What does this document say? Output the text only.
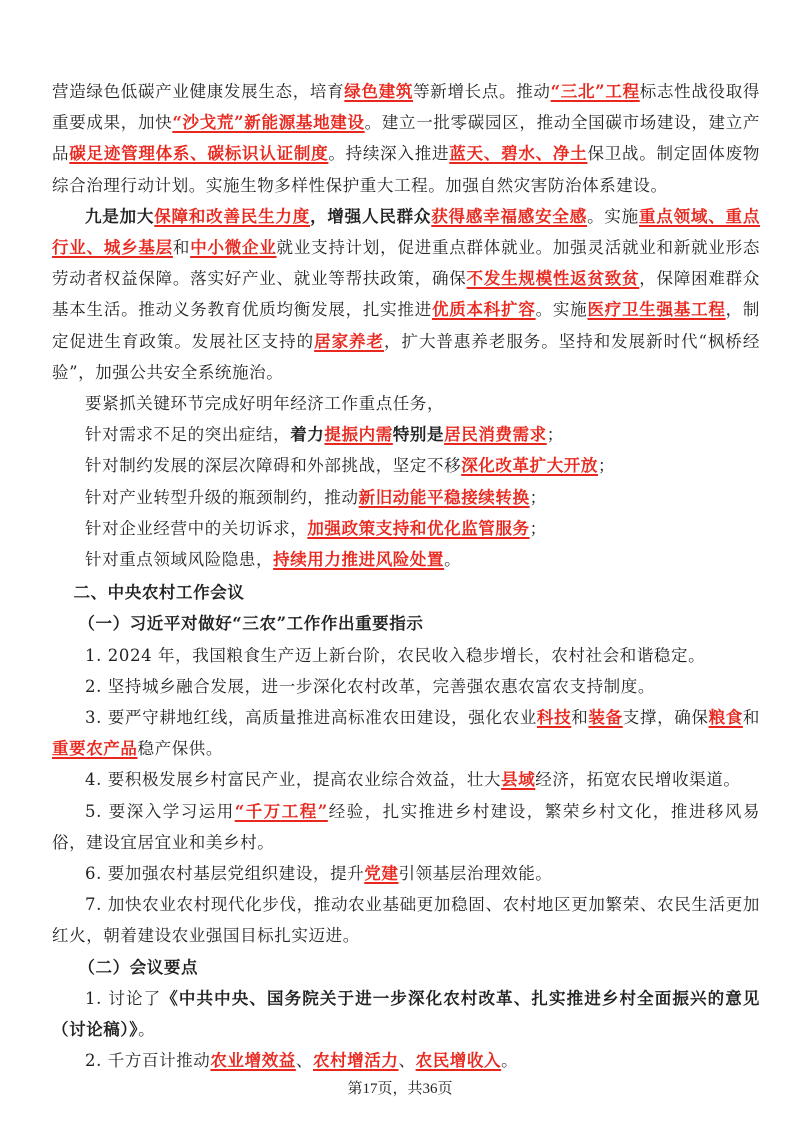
营造绿色低碳产业健康发展生态，培育绿色建筑等新增长点。推动“三北”工程标志性战役取得重要成果，加快“沙戈荒”新能源基地建设。建立一批零碳园区，推动全国碳市场建设，建立产品碳足迹管理体系、碳标识认证制度。持续深入推进蓝天、碧水、净土保卫战。制定固体废物综合治理行动计划。实施生物多样性保护重大工程。加强自然灾害防治体系建设。

九是加大保障和改善民生力度，增强人民群众获得感幸福感安全感。实施重点领域、重点行业、城乡基层和中小微企业就业支持计划，促进重点群体就业。加强灵活就业和新就业形态劳动者权益保障。落实好产业、就业等帮扶政策，确保不发生规模性返贫致贫，保障困难群众基本生活。推动义务教育优质均衡发展，扎实推进优质本科扩容。实施医疗卫生强基工程，制定促进生育政策。发展社区支持的居家养老，扩大普惠养老服务。坚持和发展新时代“枫桥经验”，加强公共安全系统施治。

要紧抓关键环节完成好明年经济工作重点任务，

针对需求不足的突出症结，着力提振内需特别是居民消费需求；

针对制约发展的深层次障碍和外部挑战，坚定不移深化改革扩大开放；

针对产业转型升级的瓶颈制约，推动新旧动能平稳接续转换；

针对企业经营中的关切诉求，加强政策支持和优化监管服务；

针对重点领域风险隐患，持续用力推进风险处置。

二、中央农村工作会议

（一）习近平对做好“三农”工作作出重要指示

1. 2024 年，我国粮食生产迈上新台阶，农民收入稳步增长，农村社会和谐稳定。

2. 坚持城乡融合发展，进一步深化农村改革，完善强农惠农富农支持制度。

3. 要严守耕地红线，高质量推进高标准农田建设，强化农业科技和装备支撑，确保粮食和重要农产品稳产保供。

4. 要积极发展乡村富民产业，提高农业综合效益，壮大县域经济，拓宽农民增收渠道。

5. 要深入学习运用“千万工程”经验，扎实推进乡村建设，繁荣乡村文化，推进移风易俗，建设宜居宜业和美乡村。

6. 要加强农村基层党组织建设，提升党建引领基层治理效能。

7. 加快农业农村现代化步伐，推动农业基础更加稳固、农村地区更加繁荣、农民生活更加红火，朝着建设农业强国目标扎实迈进。

（二）会议要点

1. 讨论了《中共中央、国务院关于进一步深化农村改革、扎实推进乡村全面振兴的意见（讨论稿）》。

2. 千方百计推动农业增效益、农村增活力、农民增收入。

第17页，共36页
